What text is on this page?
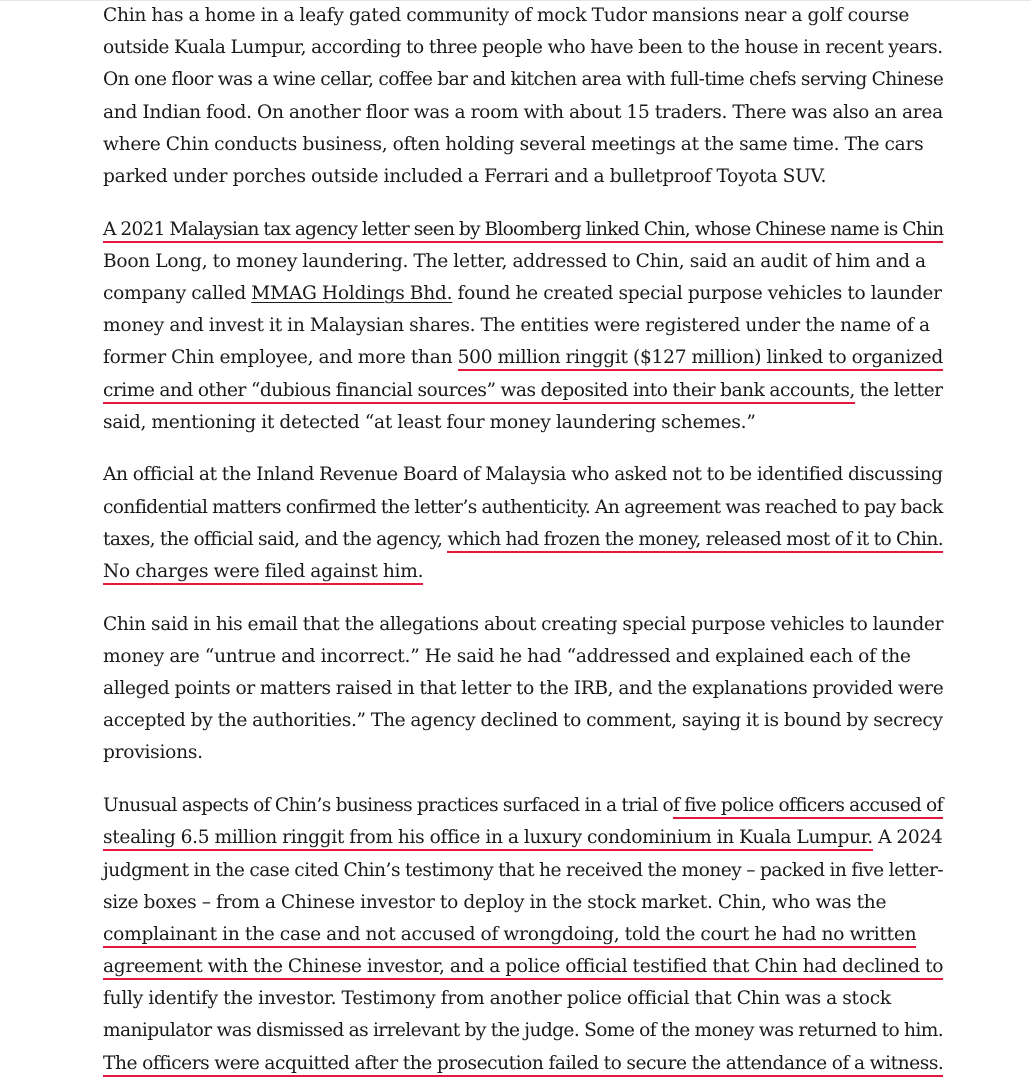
Chin has a home in a leafy gated community of mock Tudor mansions near a golf course
outside Kuala Lumpur, according to three people who have been to the house in recent years.
On one floor was a wine cellar, coffee bar and kitchen area with full-time chefs serving Chinese
and Indian food. On another floor was a room with about 15 traders. There was also an area
where Chin conducts business, often holding several meetings at the same time. The cars
parked under porches outside included a Ferrari and a bulletproof Toyota SUV.

A 2021 Malaysian tax agency letter seen by Bloomberg linked Chin, whose Chinese name is Chin
Boon Long, to money laundering. The letter, addressed to Chin, said an audit of him and a
company called MMAG Holdings Bhd. found he created special purpose vehicles to launder
money and invest it in Malaysian shares. The entities were registered under the name of a
former Chin employee, and more than 500 million ringgit ($127 million) linked to organized
crime and other “dubious financial sources” was deposited into their bank accounts, the letter
said, mentioning it detected “at least four money laundering schemes.”

An official at the Inland Revenue Board of Malaysia who asked not to be identified discussing
confidential matters confirmed the letter’s authenticity. An agreement was reached to pay back
taxes, the official said, and the agency, which had frozen the money, released most of it to Chin.
No charges were filed against him.

Chin said in his email that the allegations about creating special purpose vehicles to launder
money are “untrue and incorrect.” He said he had “addressed and explained each of the
alleged points or matters raised in that letter to the IRB, and the explanations provided were
accepted by the authorities.” The agency declined to comment, saying it is bound by secrecy
provisions.

Unusual aspects of Chin’s business practices surfaced in a trial of five police officers accused of
stealing 6.5 million ringgit from his office in a luxury condominium in Kuala Lumpur. A 2024
judgment in the case cited Chin’s testimony that he received the money – packed in five letter-
size boxes – from a Chinese investor to deploy in the stock market. Chin, who was the
complainant in the case and not accused of wrongdoing, told the court he had no written
agreement with the Chinese investor, and a police official testified that Chin had declined to
fully identify the investor. Testimony from another police official that Chin was a stock
manipulator was dismissed as irrelevant by the judge. Some of the money was returned to him.
The officers were acquitted after the prosecution failed to secure the attendance of a witness.
